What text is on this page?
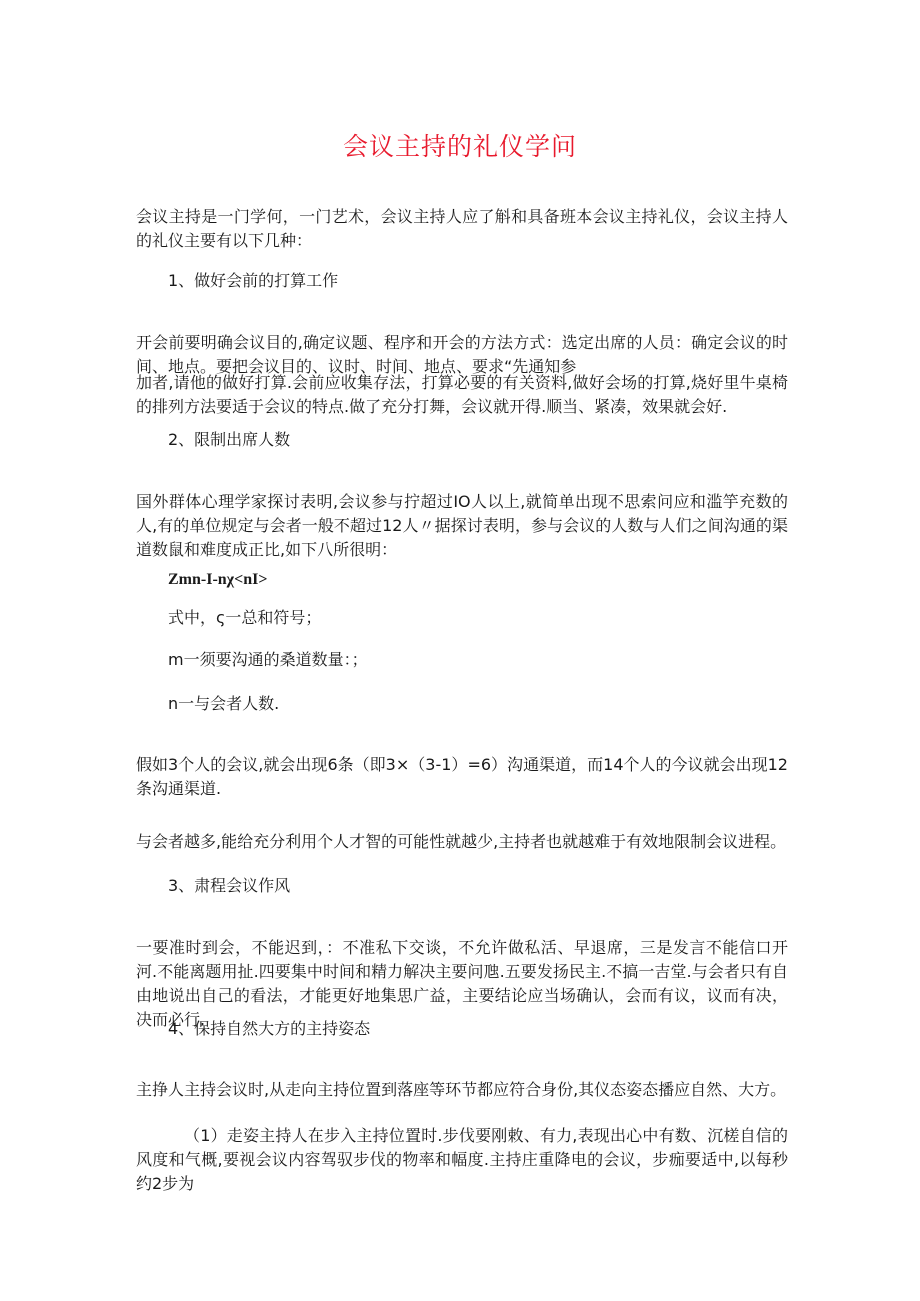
会议主持的礼仪学问

会议主持是一门学何，一门艺术，会议主持人应了斛和具备班本会议主持礼仪，会议主持人的礼仪主要有以下几种：

1、做好会前的打算工作

开会前要明确会议目的,确定议题、程序和开会的方法方式：选定出席的人员：确定会议的时间、地点。要把会议目的、议时、时间、地点、要求“先通知参

加者,请他的做好打算.会前应收集存法，打算必要的有关资料,做好会场的打算,烧好里牛桌椅的排列方法要适于会议的特点.做了充分打舞，会议就开得.顺当、紧凑，效果就会好.

2、限制出席人数

国外群体心理学家探讨表明,会议参与拧超过IO人以上,就简单出现不思索问应和滥竽充数的人,有的单位规定与会者一般不超过12人〃据探讨表明，参与会议的人数与人们之间沟通的渠道数鼠和难度成正比,如下八所很明：

Zmn-I-nχ<nI>

式中，ς一总和符号；

m一须要沟通的桑道数量：；

n一与会者人数.

假如3个人的会议,就会出现6条（即3×（3-1）=6）沟通渠道，而14个人的今议就会出现12条沟通渠道.

与会者越多,能给充分利用个人才智的可能性就越少,主持者也就越难于有效地限制会议进程。

3、肃程会议作风

一要准时到会，不能迟到，：不准私下交谈，不允许做私活、早退席，三是发言不能信口开河.不能离题用扯.四要集中时间和精力解决主要问虺.五要发扬民主.不搞一吉堂.与会者只有自由地说出自己的看法，才能更好地集思广益，主要结论应当场确认，会而有议，议而有决，决而必行.

4、保持自然大方的主持姿态

主挣人主持会议时,从走向主持位置到落座等环节都应符合身份,其仪态姿态播应自然、大方。

（1）走姿主持人在步入主持位置时.步伐要刚敕、有力,表现出心中有数、沉槎自信的风度和气概,要视会议内容驾驭步伐的物率和幅度.主持庄重降电的会议，步痂要适中,以每秒约2步为
